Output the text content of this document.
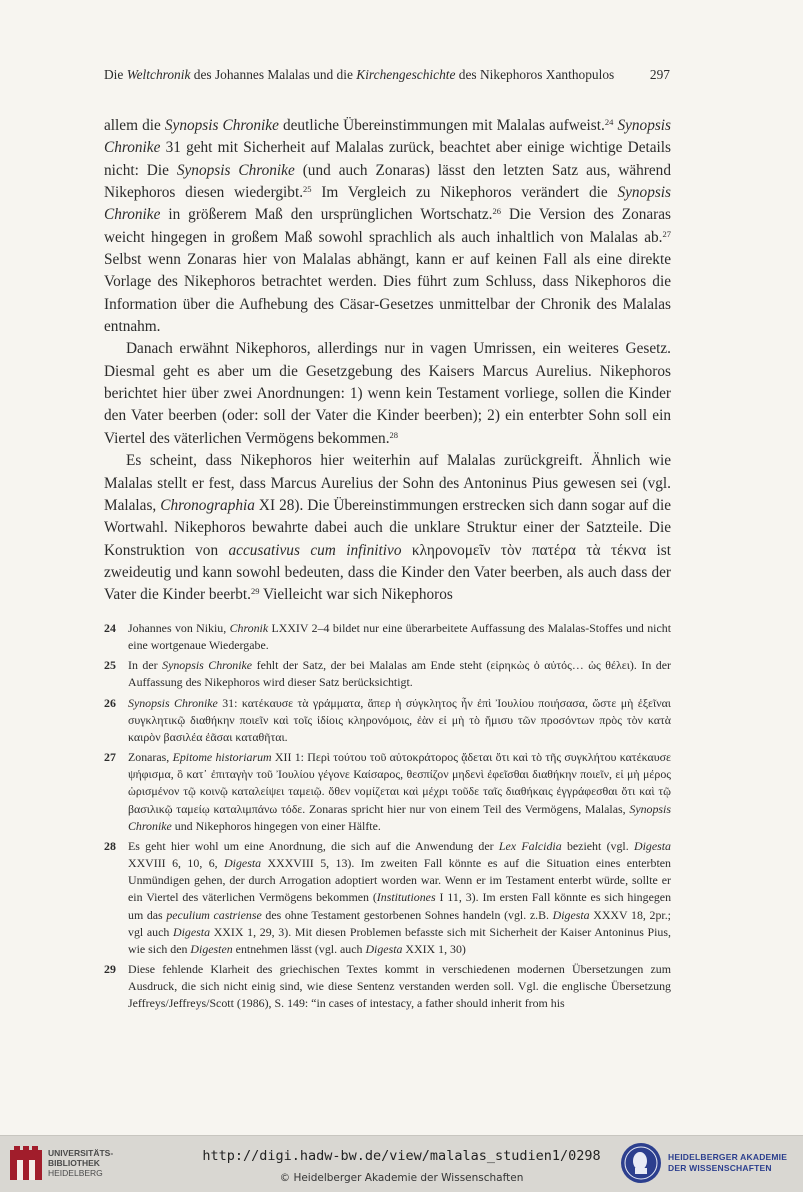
Die Weltchronik des Johannes Malalas und die Kirchengeschichte des Nikephoros Xanthopulos	297

allem die Synopsis Chronike deutliche Übereinstimmungen mit Malalas aufweist.$^{24}$ Synopsis Chronike 31 geht mit Sicherheit auf Malalas zurück, beachtet aber einige wichtige Details nicht: Die Synopsis Chronike (und auch Zonaras) lässt den letzten Satz aus, während Nikephoros diesen wiedergibt.$^{25}$ Im Vergleich zu Nikephoros verändert die Synopsis Chronike in größerem Maß den ursprünglichen Wortschatz.$^{26}$ Die Version des Zonaras weicht hingegen in großem Maß sowohl sprachlich als auch inhaltlich von Malalas ab.$^{27}$ Selbst wenn Zonaras hier von Malalas abhängt, kann er auf keinen Fall als eine direkte Vorlage des Nikephoros betrachtet werden. Dies führt zum Schluss, dass Nikephoros die Information über die Aufhebung des Cäsar-Gesetzes unmittelbar der Chronik des Malalas entnahm.

Danach erwähnt Nikephoros, allerdings nur in vagen Umrissen, ein weiteres Gesetz. Diesmal geht es aber um die Gesetzgebung des Kaisers Marcus Aurelius. Nikephoros berichtet hier über zwei Anordnungen: 1) wenn kein Testament vorliege, sollen die Kinder den Vater beerben (oder: soll der Vater die Kinder beerben); 2) ein enterbter Sohn soll ein Viertel des väterlichen Vermögens bekommen.$^{28}$

Es scheint, dass Nikephoros hier weiterhin auf Malalas zurückgreift. Ähnlich wie Malalas stellt er fest, dass Marcus Aurelius der Sohn des Antoninus Pius gewesen sei (vgl. Malalas, Chronographia XI 28). Die Übereinstimmungen erstrecken sich dann sogar auf die Wortwahl. Nikephoros bewahrte dabei auch die unklare Struktur einer der Satzteile. Die Konstruktion von accusativus cum infinitivo κληρονομεῖν τὸν πατέρα τὰ τέκνα ist zweideutig und kann sowohl bedeuten, dass die Kinder den Vater beerben, als auch dass der Vater die Kinder beerbt.$^{29}$ Vielleicht war sich Nikephoros

24 Johannes von Nikiu, Chronik LXXIV 2–4 bildet nur eine überarbeitete Auffassung des Malalas-Stoffes und nicht eine wortgenaue Wiedergabe.
25 In der Synopsis Chronike fehlt der Satz, der bei Malalas am Ende steht (εἰρηκὼς ὁ αὐτός… ὡς θέλει). In der Auffassung des Nikephoros wird dieser Satz berücksichtigt.
26 Synopsis Chronike 31: κατέκαυσε τὰ γράμματα, ἅπερ ἡ σύγκλητος ἦν ἐπὶ Ἰουλίου ποιήσασα, ὥστε μὴ ἐξεῖναι συγκλητικῷ διαθήκην ποιεῖν καὶ τοῖς ἰδίοις κληρονόμοις, ἐὰν εἰ μὴ τὸ ἥμισυ τῶν προσόντων πρὸς τὸν κατὰ καιρὸν βασιλέα ἐᾶσαι καταθῆται.
27 Zonaras, Epitome historiarum XII 1: Περὶ τούτου τοῦ αὐτοκράτορος ᾄδεται ὅτι καὶ τὸ τῆς συγκλήτου κατέκαυσε ψήφισμα, ὃ κατ᾽ ἐπιταγὴν τοῦ Ἰουλίου γέγονε Καίσαρος, θεσπίζον μηδενὶ ἐφεῖσθαι διαθήκην ποιεῖν, εἰ μὴ μέρος ὡρισμένον τῷ κοινῷ καταλείψει ταμειῷ. ὅθεν νομίζεται καὶ μέχρι τοῦδε ταῖς διαθήκαις ἐγγράφεσθαι ὅτι καὶ τῷ βασιλικῷ ταμείῳ καταλιμπάνω τόδε. Zonaras spricht hier nur von einem Teil des Vermögens, Malalas, Synopsis Chronike und Nikephoros hingegen von einer Hälfte.
28 Es geht hier wohl um eine Anordnung, die sich auf die Anwendung der Lex Falcidia bezieht (vgl. Digesta XXVIII 6, 10, 6, Digesta XXXVIII 5, 13). Im zweiten Fall könnte es auf die Situation eines enterbten Unmündigen gehen, der durch Arrogation adoptiert worden war. Wenn er im Testament enterbt würde, sollte er ein Viertel des väterlichen Vermögens bekommen (Institutiones I 11, 3). Im ersten Fall könnte es sich hingegen um das peculium castriense des ohne Testament gestorbenen Sohnes handeln (vgl. z.B. Digesta XXXV 18, 2pr.; vgl auch Digesta XXIX 1, 29, 3). Mit diesen Problemen befasste sich mit Sicherheit der Kaiser Antoninus Pius, wie sich den Digesten entnehmen lässt (vgl. auch Digesta XXIX 1, 30)
29 Diese fehlende Klarheit des griechischen Textes kommt in verschiedenen modernen Übersetzungen zum Ausdruck, die sich nicht einig sind, wie diese Sentenz verstanden werden soll. Vgl. die englische Übersetzung Jeffreys/Jeffreys/Scott (1986), S. 149: “in cases of intestacy, a father should inherit from his
UNIVERSITÄTS-
BIBLIOTHEK
HEIDELBERG
http://digi.hadw-bw.de/view/malalas_studien1/0298
© Heidelberger Akademie der Wissenschaften
HEIDELBERGER AKADEMIE
DER WISSENSCHAFTEN
